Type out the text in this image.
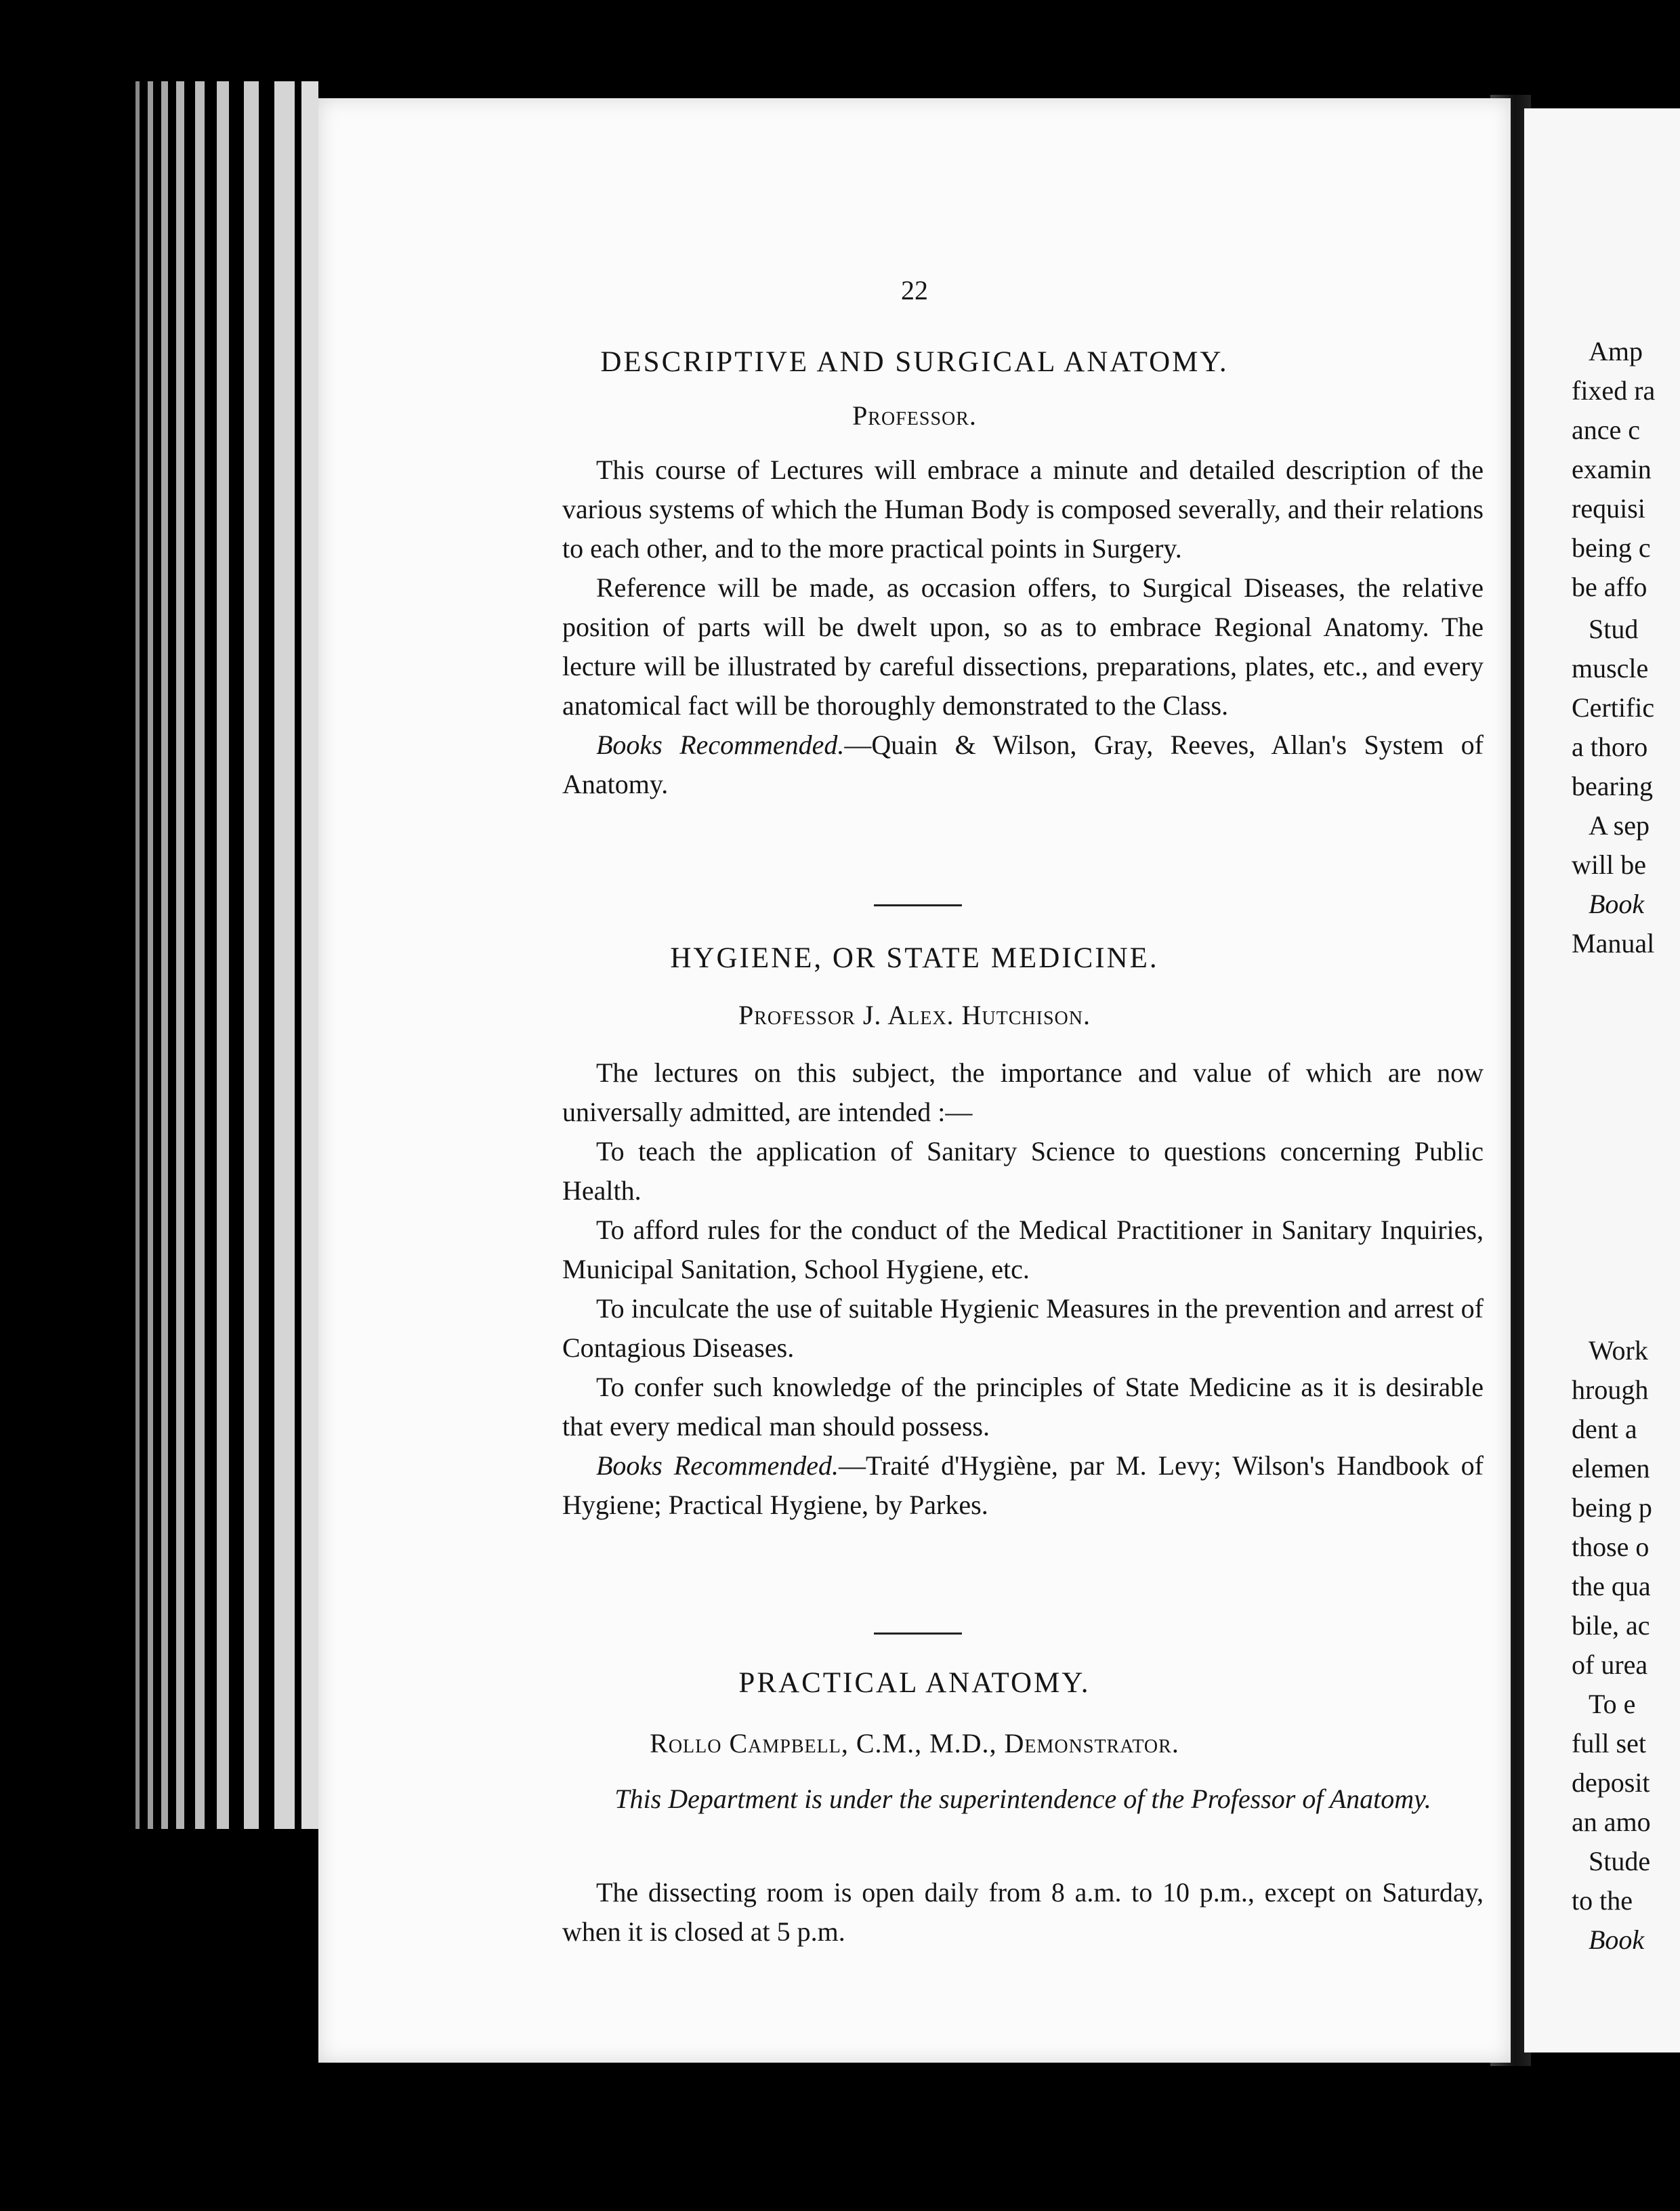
22
DESCRIPTIVE AND SURGICAL ANATOMY.
Professor.

This course of Lectures will embrace a minute and detailed description of the various systems of which the Human Body is composed severally, and their relations to each other, and to the more practical points in Surgery.

Reference will be made, as occasion offers, to Surgical Diseases, the relative position of parts will be dwelt upon, so as to embrace Regional Anatomy. The lecture will be illustrated by careful dissections, preparations, plates, etc., and every anatomical fact will be thoroughly demonstrated to the Class.

Books Recommended.—Quain & Wilson, Gray, Reeves, Allan's System of Anatomy.

HYGIENE, OR STATE MEDICINE.
Professor J. Alex. Hutchison.

The lectures on this subject, the importance and value of which are now universally admitted, are intended :—

To teach the application of Sanitary Science to questions concerning Public Health.

To afford rules for the conduct of the Medical Practitioner in Sanitary Inquiries, Municipal Sanitation, School Hygiene, etc.

To inculcate the use of suitable Hygienic Measures in the prevention and arrest of Contagious Diseases.

To confer such knowledge of the principles of State Medicine as it is desirable that every medical man should possess.

Books Recommended.—Traité d'Hygiène, par M. Levy; Wilson's Handbook of Hygiene; Practical Hygiene, by Parkes.

PRACTICAL ANATOMY.
Rollo Campbell, C.M., M.D., Demonstrator.
This Department is under the superintendence of the Professor of Anatomy.

The dissecting room is open daily from 8 a.m. to 10 p.m., except on Saturday, when it is closed at 5 p.m.

Amp
fixed ra
ance c
examin
requisi
being c
be affo
Stud
muscle
Certific
a thoro
bearing
A sep
will be
Book
Manual
Work
hrough
dent a
elemen
being p
those o
the qua
bile, ac
of urea
To e
full set
deposit
an amo
Stude
to the
Book
